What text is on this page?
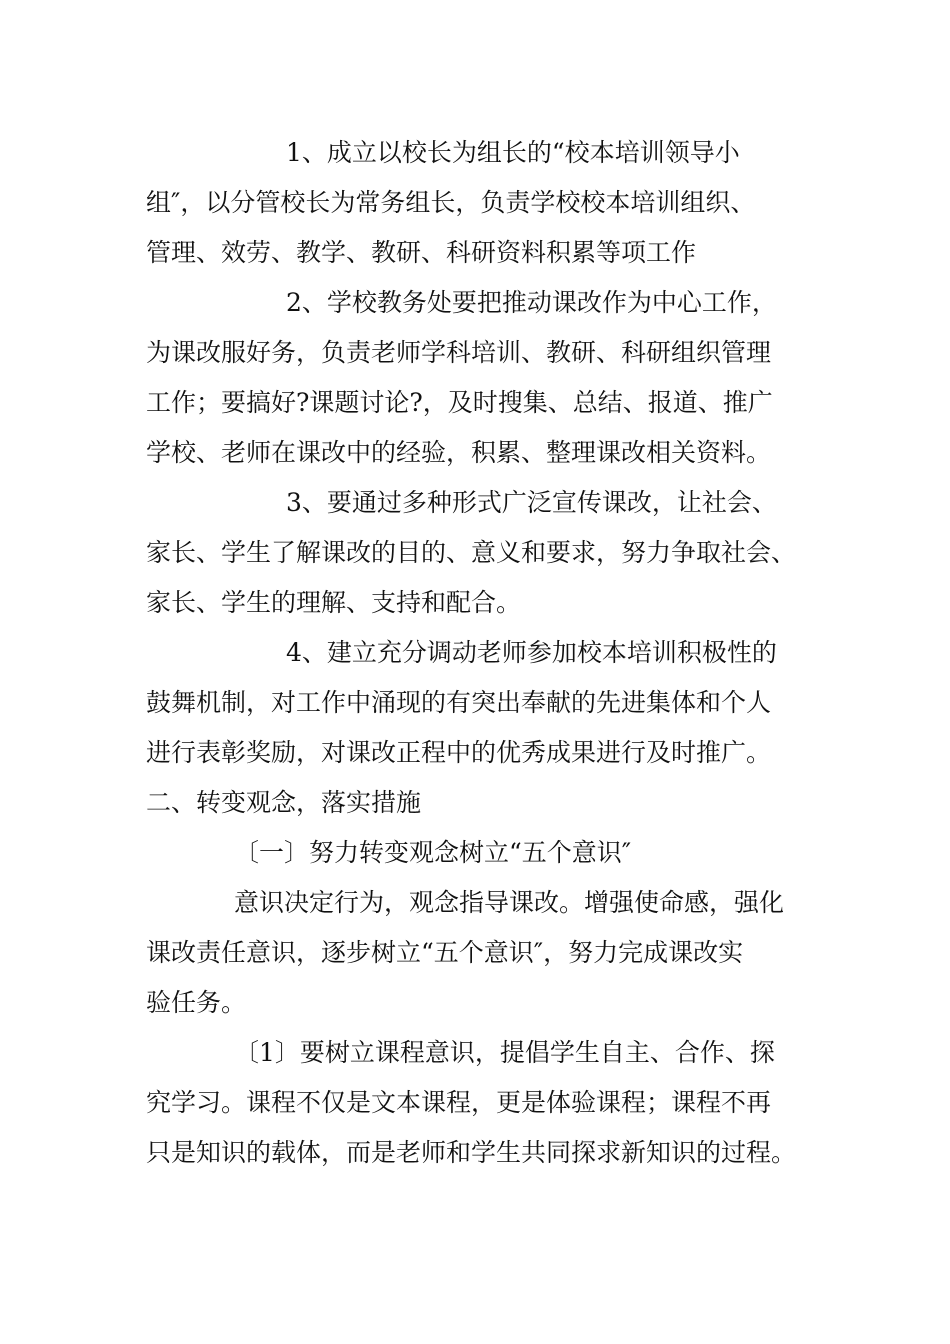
1、成立以校长为组长的“校本培训领导小
组″，以分管校长为常务组长，负责学校校本培训组织、
管理、效劳、教学、教研、科研资料积累等项工作
2、学校教务处要把推动课改作为中心工作，
为课改服好务，负责老师学科培训、教研、科研组织管理
工作；要搞好?课题讨论?，及时搜集、总结、报道、推广
学校、老师在课改中的经验，积累、整理课改相关资料。
3、要通过多种形式广泛宣传课改，让社会、
家长、学生了解课改的目的、意义和要求，努力争取社会、
家长、学生的理解、支持和配合。
4、建立充分调动老师参加校本培训积极性的
鼓舞机制，对工作中涌现的有突出奉献的先进集体和个人
进行表彰奖励，对课改正程中的优秀成果进行及时推广。
二、转变观念，落实措施
〔一〕努力转变观念树立“五个意识″
意识决定行为，观念指导课改。增强使命感，强化
课改责任意识，逐步树立“五个意识″，努力完成课改实
验任务。
〔1〕要树立课程意识，提倡学生自主、合作、探
究学习。课程不仅是文本课程，更是体验课程；课程不再
只是知识的载体，而是老师和学生共同探求新知识的过程。
